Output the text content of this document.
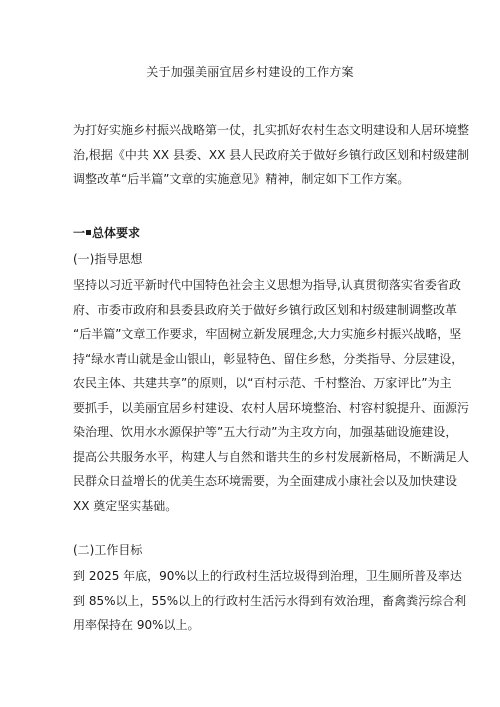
关于加强美丽宜居乡村建设的工作方案
为打好实施乡村振兴战略第一仗，扎实抓好农村生态文明建设和人居环境整
治,根据《中共 XX 县委、XX 县人民政府关于做好乡镇行政区划和村级建制
调整改革“后半篇”文章的实施意见》精神，制定如下工作方案。
一 总体要求
(一)指导思想
坚持以习近平新时代中国特色社会主义思想为指导,认真贯彻落实省委省政
府、市委市政府和县委县政府关于做好乡镇行政区划和村级建制调整改革
“后半篇”文章工作要求，牢固树立新发展理念,大力实施乡村振兴战略，坚
持“绿水青山就是金山银山，彰显特色、留住乡愁，分类指导、分层建设，
农民主体、共建共享”的原则，以“百村示范、千村整治、万家评比”为主
要抓手，以美丽宜居乡村建设、农村人居环境整治、村容村貌提升、面源污
染治理、饮用水水源保护等”五大行动”为主攻方向，加强基础设施建设，
提高公共服务水平，构建人与自然和谐共生的乡村发展新格局，不断满足人
民群众日益增长的优美生态环境需要，为全面建成小康社会以及加快建设
XX 奠定坚实基础。
(二)工作目标
到 2025 年底，90%以上的行政村生活垃圾得到治理，卫生厕所普及率达
到 85%以上，55%以上的行政村生活污水得到有效治理，畜禽粪污综合利
用率保持在 90%以上。
